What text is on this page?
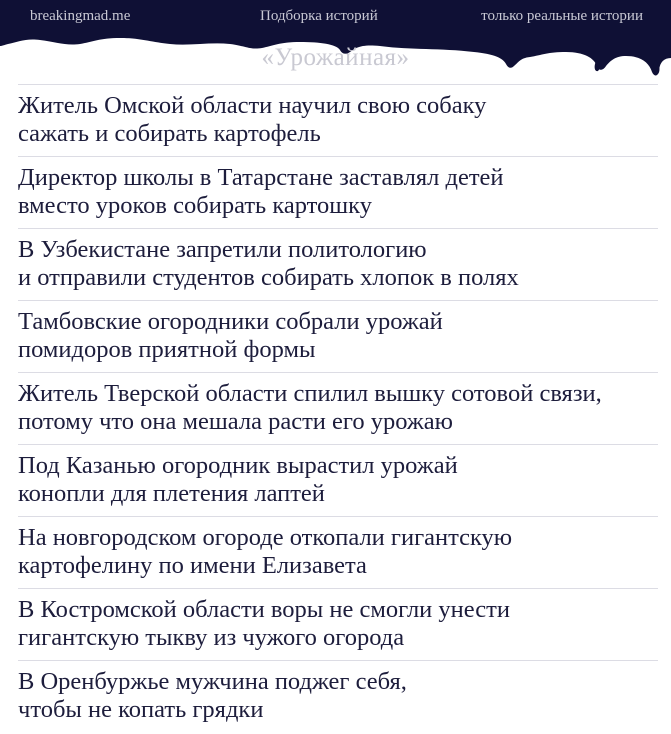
breakingmad.me	Подборка историй	только реальные истории
«Урожайная»
Житель Омской области научил свою собаку
сажать и собирать картофель
Директор школы в Татарстане заставлял детей
вместо уроков собирать картошку
В Узбекистане запретили политологию
и отправили студентов собирать хлопок в полях
Тамбовские огородники собрали урожай
помидоров приятной формы
Житель Тверской области спилил вышку сотовой связи,
потому что она мешала расти его урожаю
Под Казанью огородник вырастил урожай
конопли для плетения лаптей
На новгородском огороде откопали гигантскую
картофелину по имени Елизавета
В Костромской области воры не смогли унести
гигантскую тыкву из чужого огорода
В Оренбуржье мужчина поджег себя,
чтобы не копать грядки
